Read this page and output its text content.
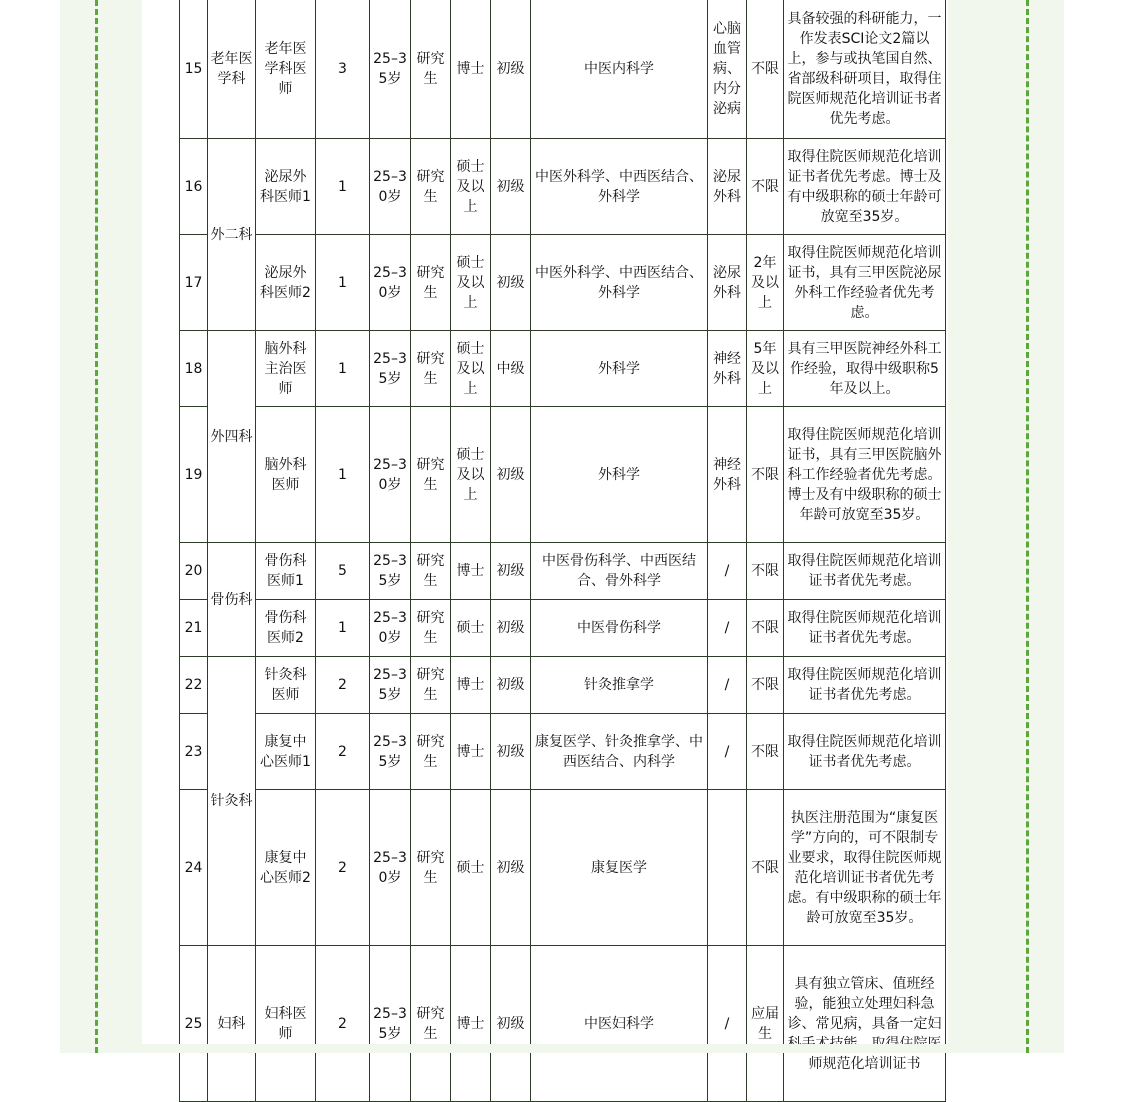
15	老年医学科	老年医学科医师	3	25–35岁	研究生	博士	初级	中医内科学	心脑血管病、内分泌病	不限	具备较强的科研能力，一作发表SCI论文2篇以上，参与或执笔国自然、省部级科研项目，取得住院医师规范化培训证书者优先考虑。
16	外二科	泌尿外科医师1	1	25–30岁	研究生	硕士及以上	初级	中医外科学、中西医结合、外科学	泌尿外科	不限	取得住院医师规范化培训证书者优先考虑。博士及有中级职称的硕士年龄可放宽至35岁。
17		泌尿外科医师2	1	25–30岁	研究生	硕士及以上	初级	中医外科学、中西医结合、外科学	泌尿外科	2年及以上	取得住院医师规范化培训证书，具有三甲医院泌尿外科工作经验者优先考虑。
18	外四科	脑外科主治医师	1	25–35岁	研究生	硕士及以上	中级	外科学	神经外科	5年及以上	具有三甲医院神经外科工作经验，取得中级职称5年及以上。
19		脑外科医师	1	25–30岁	研究生	硕士及以上	初级	外科学	神经外科	不限	取得住院医师规范化培训证书，具有三甲医院脑外科工作经验者优先考虑。博士及有中级职称的硕士年龄可放宽至35岁。
20	骨伤科	骨伤科医师1	5	25–35岁	研究生	博士	初级	中医骨伤科学、中西医结合、骨外科学	/	不限	取得住院医师规范化培训证书者优先考虑。
21		骨伤科医师2	1	25–30岁	研究生	硕士	初级	中医骨伤科学	/	不限	取得住院医师规范化培训证书者优先考虑。
22	针灸科	针灸科医师	2	25–35岁	研究生	博士	初级	针灸推拿学	/	不限	取得住院医师规范化培训证书者优先考虑。
23		康复中心医师1	2	25–35岁	研究生	博士	初级	康复医学、针灸推拿学、中西医结合、内科学	/	不限	取得住院医师规范化培训证书者优先考虑。
24		康复中心医师2	2	25–30岁	研究生	硕士	初级	康复医学		不限	执医注册范围为“康复医学”方向的，可不限制专业要求，取得住院医师规范化培训证书者优先考虑。有中级职称的硕士年龄可放宽至35岁。
25	妇科	妇科医师	2	25–35岁	研究生	博士	初级	中医妇科学	/	应届生	具有独立管床、值班经验，能独立处理妇科急诊、常见病，具备一定妇 师规范化培训证书
